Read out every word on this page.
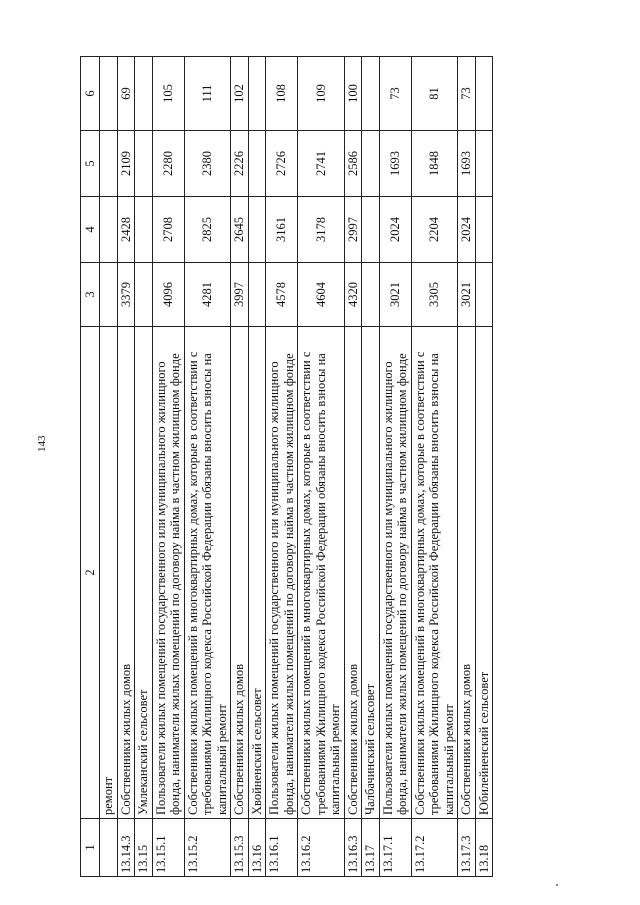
143
1	2	3	4	5	6
	ремонт				
13.14.3	Собственники жилых домов	3379	2428	2109	69
13.15	Умлеканский сельсовет				
13.15.1	Пользователи жилых помещений государственного или муниципального жилищного фонда, наниматели жилых помещений по договору найма в частном жилищном фонде	4096	2708	2280	105
13.15.2	Собственники жилых помещений в многоквартирных домах, которые в соответствии с требованиями Жилищного кодекса Российской Федерации обязаны вносить взносы на капитальный ремонт	4281	2825	2380	111
13.15.3	Собственники жилых домов	3997	2645	2226	102
13.16	Хвойненский сельсовет				
13.16.1	Пользователи жилых помещений государственного или муниципального жилищного фонда, наниматели жилых помещений по договору найма в частном жилищном фонде	4578	3161	2726	108
13.16.2	Собственники жилых помещений в многоквартирных домах, которые в соответствии с требованиями Жилищного кодекса Российской Федерации обязаны вносить взносы на капитальный ремонт	4604	3178	2741	109
13.16.3	Собственники жилых домов	4320	2997	2586	100
13.17	Чалбачинский сельсовет				
13.17.1	Пользователи жилых помещений государственного или муниципального жилищного фонда, наниматели жилых помещений по договору найма в частном жилищном фонде	3021	2024	1693	73
13.17.2	Собственники жилых помещений в многоквартирных домах, которые в соответствии с требованиями Жилищного кодекса Российской Федерации обязаны вносить взносы на капитальный ремонт	3305	2204	1848	81
13.17.3	Собственники жилых домов	3021	2024	1693	73
13.18	Юбилейненский сельсовет				
